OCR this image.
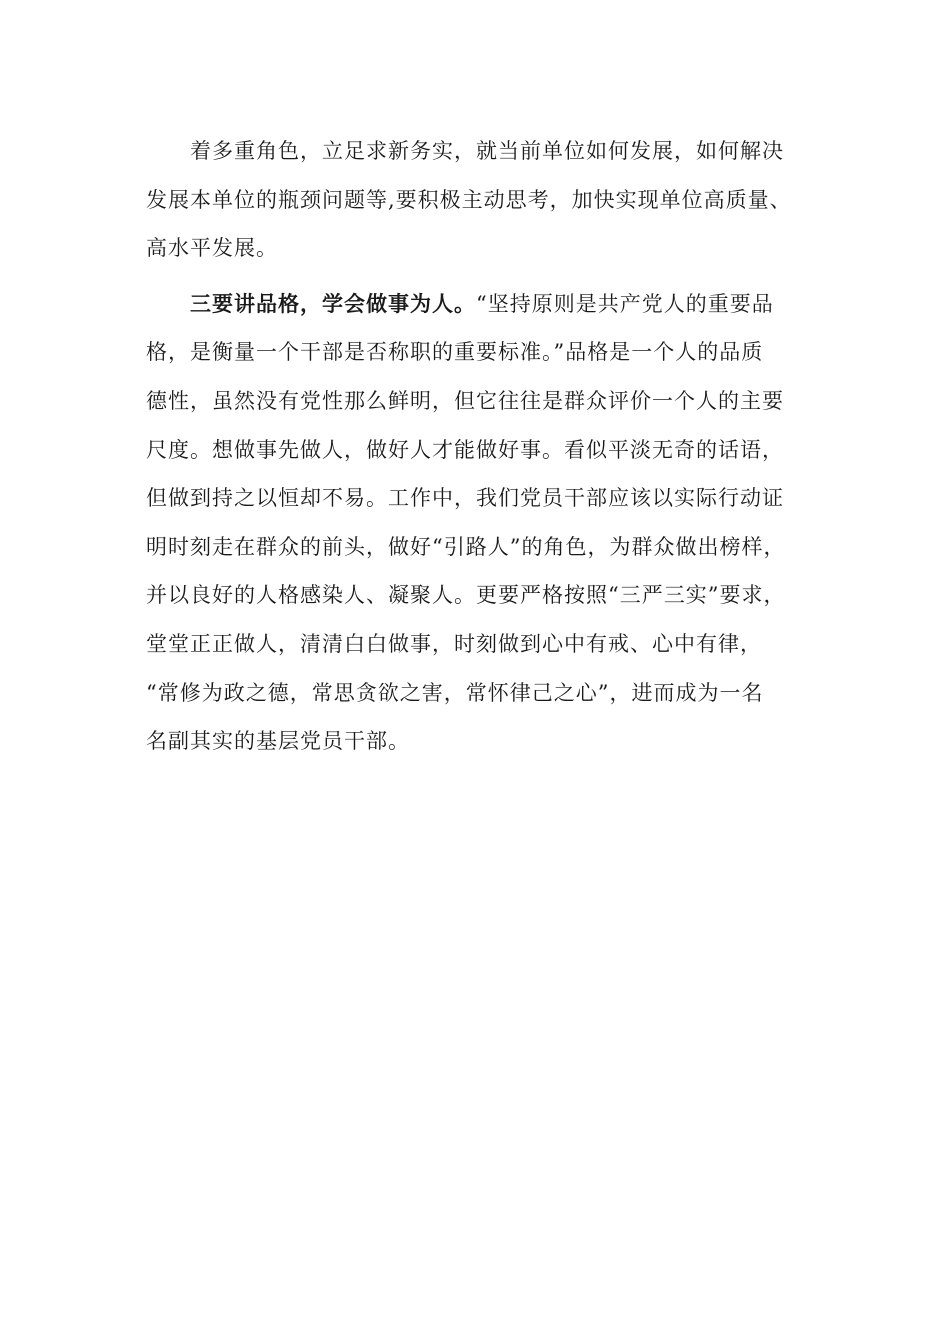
着多重角色，立足求新务实，就当前单位如何发展，如何解决
发展本单位的瓶颈问题等,要积极主动思考，加快实现单位高质量、
高水平发展。
三要讲品格，学会做事为人。“坚持原则是共产党人的重要品
格，是衡量一个干部是否称职的重要标准。”品格是一个人的品质
德性，虽然没有党性那么鲜明，但它往往是群众评价一个人的主要
尺度。想做事先做人，做好人才能做好事。看似平淡无奇的话语，
但做到持之以恒却不易。工作中，我们党员干部应该以实际行动证
明时刻走在群众的前头，做好“引路人”的角色，为群众做出榜样，
并以良好的人格感染人、凝聚人。更要严格按照“三严三实”要求，
堂堂正正做人，清清白白做事，时刻做到心中有戒、心中有律，
“常修为政之德，常思贪欲之害，常怀律己之心”，进而成为一名
名副其实的基层党员干部。
